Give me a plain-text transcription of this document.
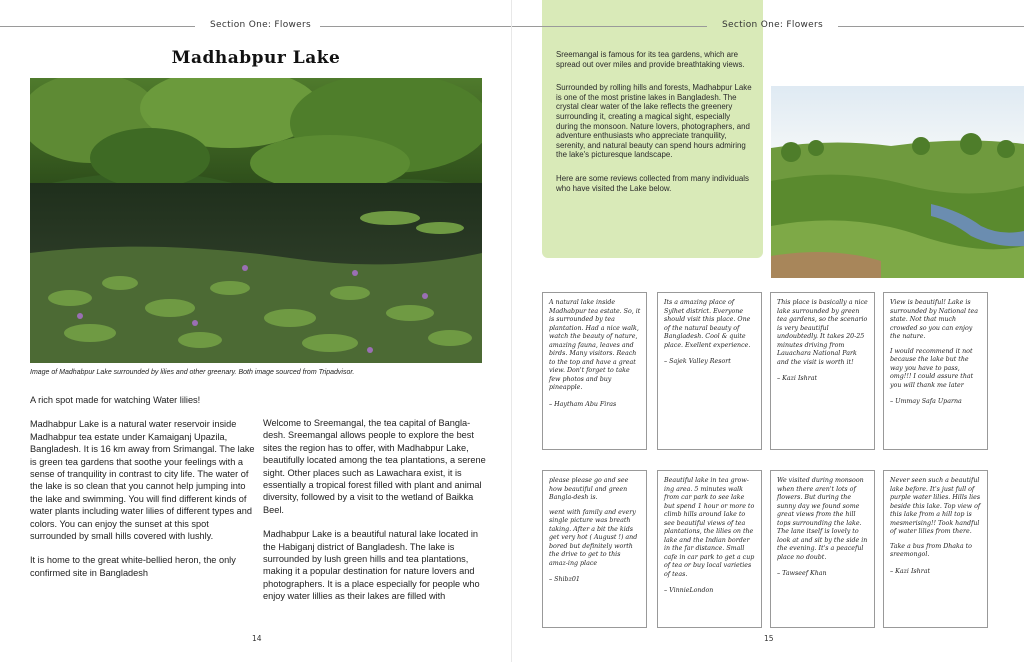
Section One: Flowers
Madhabpur Lake
Image of Madhabpur Lake surrounded by lilies and other greenary. Both image sourced from Tripadvisor.

A rich spot made for watching Water lilies!

Madhabpur Lake is a natural water reservoir inside Madhabpur tea estate under Kamaiganj Upazila, Bangladesh. It is 16 km away from Srimangal. The lake is green tea gardens that soothe your feelings with a sense of tranquility in contrast to city life. The water of the lake is so clean that you cannot help jumping into the lake and swimming. You will find different kinds of water plants including water lilies of different types and colors. You can enjoy the sunset at this spot surrounded by small hills covered with lushly.

It is home to the great white-bellied heron, the only confirmed site in Bangladesh

Welcome to Sreemangal, the tea capital of Bangla-desh. Sreemangal allows people to explore the best sites the region has to offer, with Madhabpur Lake, beautifully located among the tea plantations, a serene sight. Other places such as Lawachara exist, it is essentially a tropical forest filled with plant and animal diversity, followed by a visit to the wetland of Baikka Beel.

Madhabpur Lake is a beautiful natural lake located in the Habiganj district of Bangladesh. The lake is surrounded by lush green hills and tea plantations, making it a popular destination for nature lovers and photographers. It is a place especially for people who enjoy water lillies as their lakes are filled with

14
Section One: Flowers

Sreemangal is famous for its tea gardens, which are spread out over miles and provide breathtaking views.

Surrounded by rolling hills and forests, Madhabpur Lake is one of the most pristine lakes in Bangladesh. The crystal clear water of the lake reflects the greenery surrounding it, creating a magical sight, especially during the monsoon. Nature lovers, photographers, and adventure enthusiasts who appreciate tranquility, serenity, and natural beauty can spend hours admiring the lake's picturesque landscape.

Here are some reviews collected from many individuals who have visited the Lake below.

A natural lake inside Madhabpur tea estate. So, it is surrounded by tea plantation. Had a nice walk, watch the beauty of nature, amazing fauna, leaves and birds. Many visitors. Reach to the top and have a great view. Don't forget to take few photos and buy pineapple.

– Haytham Abu Firas

Its a amazing place of Sylhet district. Everyone should visit this place. One of the natural beauty of Bangladesh. Cool & quite place. Exellent experience.

– Sajek Valley Resort

This place is basically a nice lake surrounded by green tea gardens, so the scenario is very beautiful undoubtedly. It takes 20-25 minutes driving from Lauachara National Park and the visit is worth it!

– Kazi Ishrat

View is beautiful! Lake is surrounded by National tea state. Not that much crowded so you can enjoy the nature.

I would recommend it not because the lake but the way you have to pass, omg!!! I could assure that you will thank me later

– Ummay Safa Uparna

please please go and see how beautiful and green Bangla-desh is.

went with family and every single picture was breath taking. After a bit the kids get very hot ( August !) and bored but definitely worth the drive to get to this amaz-ing place

– Shibz01

Beautiful lake in tea grow-ing area. 5 minutes walk from car park to see lake but spend 1 hour or more to climb hills around lake to see beautiful views of tea plantations, the lilies on the lake and the Indian border in the far distance. Small cafe in car park to get a cup of tea or buy local varieties of teas.

– VinnieLondon

We visited during monsoon when there aren't lots of flowers. But during the sunny day we found some great views from the hill tops surrounding the lake. The lane itself is lovely to look at and sit by the side in the evening. It's a peaceful place no doubt.

– Tawseef Khan

Never seen such a beautiful lake before. It's just full of purple water lilies. Hills lies beside this lake. Top view of this lake from a hill top is mesmerising!! Took handful of water lilies from there.

Take a bus from Dhaka to sreemongol.

– Kazi Ishrat

15
